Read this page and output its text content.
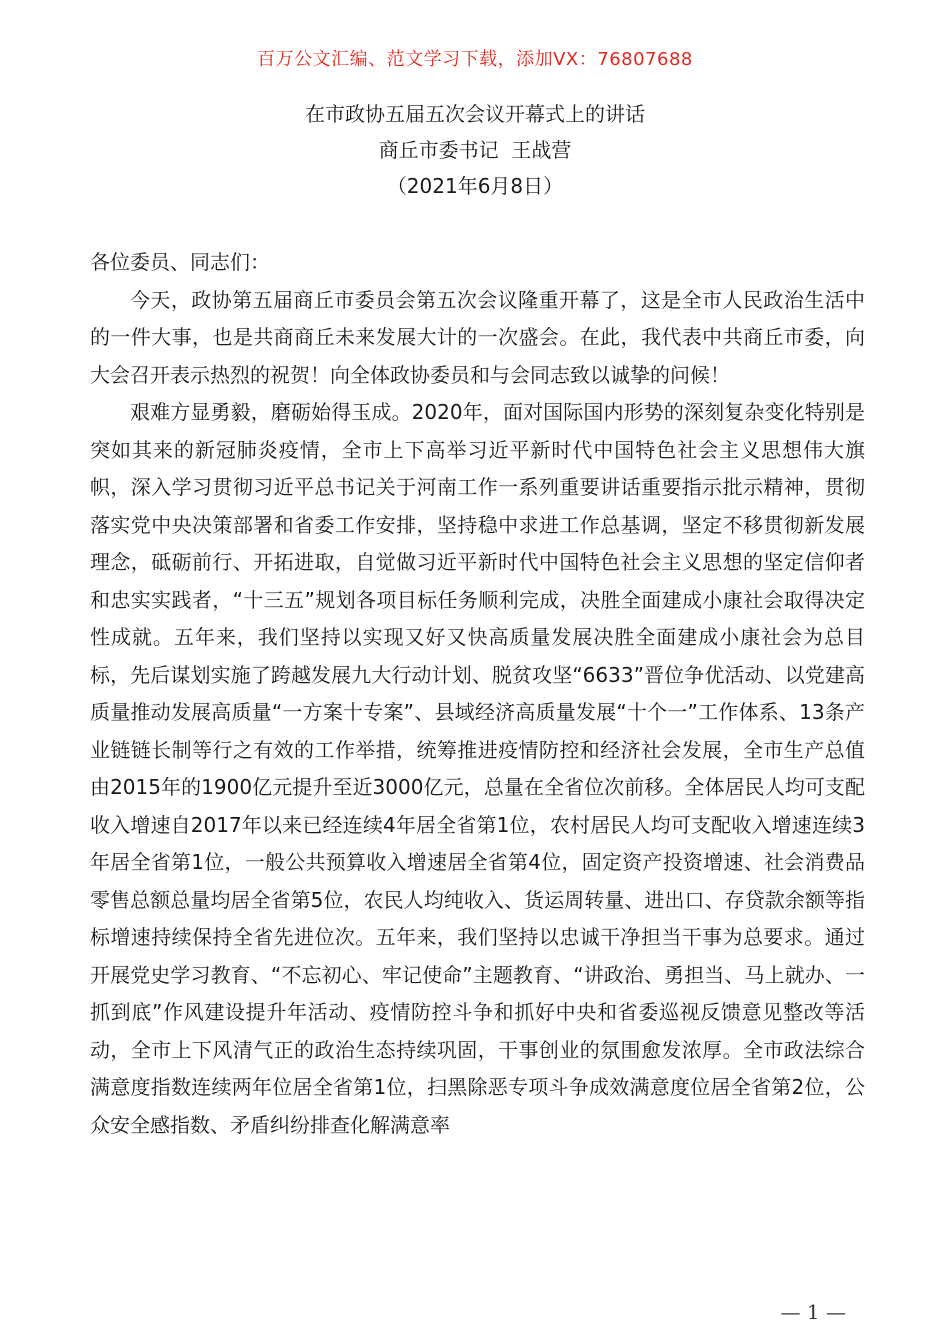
百万公文汇编、范文学习下载，添加VX：76807688
在市政协五届五次会议开幕式上的讲话
商丘市委书记  王战营
（2021年6月8日）

各位委员、同志们：

今天，政协第五届商丘市委员会第五次会议隆重开幕了，这是全市人民政治生活中的一件大事，也是共商商丘未来发展大计的一次盛会。在此，我代表中共商丘市委，向大会召开表示热烈的祝贺！向全体政协委员和与会同志致以诚挚的问候！

艰难方显勇毅，磨砺始得玉成。2020年，面对国际国内形势的深刻复杂变化特别是突如其来的新冠肺炎疫情，全市上下高举习近平新时代中国特色社会主义思想伟大旗帜，深入学习贯彻习近平总书记关于河南工作一系列重要讲话重要指示批示精神，贯彻落实党中央决策部署和省委工作安排，坚持稳中求进工作总基调，坚定不移贯彻新发展理念，砥砺前行、开拓进取，自觉做习近平新时代中国特色社会主义思想的坚定信仰者和忠实实践者，“十三五”规划各项目标任务顺利完成，决胜全面建成小康社会取得决定性成就。五年来，我们坚持以实现又好又快高质量发展决胜全面建成小康社会为总目标，先后谋划实施了跨越发展九大行动计划、脱贫攻坚“6633”晋位争优活动、以党建高质量推动发展高质量“一方案十专案”、县域经济高质量发展“十个一”工作体系、13条产业链链长制等行之有效的工作举措，统筹推进疫情防控和经济社会发展，全市生产总值由2015年的1900亿元提升至近3000亿元，总量在全省位次前移。全体居民人均可支配收入增速自2017年以来已经连续4年居全省第1位，农村居民人均可支配收入增速连续3年居全省第1位，一般公共预算收入增速居全省第4位，固定资产投资增速、社会消费品零售总额总量均居全省第5位，农民人均纯收入、货运周转量、进出口、存贷款余额等指标增速持续保持全省先进位次。五年来，我们坚持以忠诚干净担当干事为总要求。通过开展党史学习教育、“不忘初心、牢记使命”主题教育、“讲政治、勇担当、马上就办、一抓到底”作风建设提升年活动、疫情防控斗争和抓好中央和省委巡视反馈意见整改等活动，全市上下风清气正的政治生态持续巩固，干事创业的氛围愈发浓厚。全市政法综合满意度指数连续两年位居全省第1位，扫黑除恶专项斗争成效满意度位居全省第2位，公众安全感指数、矛盾纠纷排查化解满意率

— 1 —
